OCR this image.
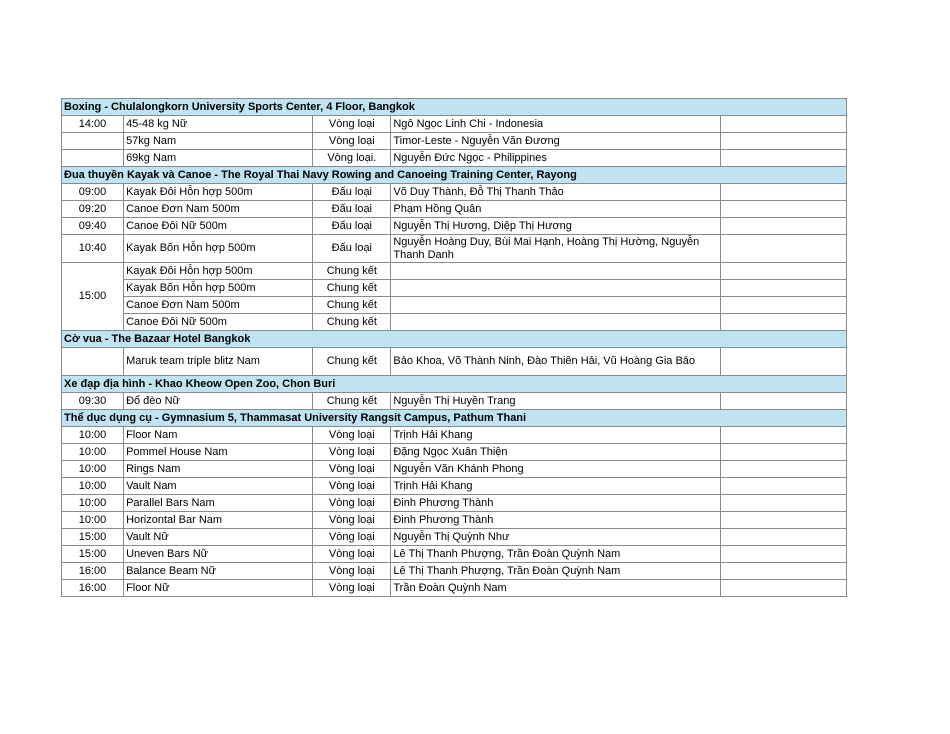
Boxing - Chulalongkorn University Sports Center, 4 Floor, Bangkok				
14:00	45-48 kg Nữ	Vòng loại	Ngô Ngọc Linh Chi - Indonesia	
	57kg Nam	Vòng loại	Timor-Leste - Nguyễn Văn Đương	
	69kg Nam	Vòng loại.	Nguyễn Đức Ngọc - Philippines	
Đua thuyền Kayak và Canoe - The Royal Thai Navy Rowing and Canoeing Training Center, Rayong				
09:00	Kayak Đôi Hỗn hợp 500m	Đấu loại	Võ Duy Thành, Đỗ Thị Thanh Thảo	
09:20	Canoe Đơn Nam 500m	Đấu loại	Phạm Hồng Quân	
09:40	Canoe Đôi Nữ 500m	Đấu loại	Nguyễn Thị Hương, Diệp Thị Hương	
10:40	Kayak Bốn Hỗn hợp 500m	Đấu loại	Nguyễn Hoàng Duy, Bùi Mai Hạnh, Hoàng Thị Hường, Nguyễn Thanh Danh	
15:00	Kayak Đôi Hỗn hợp 500m	Chung kết		
	Kayak Bốn Hỗn hợp 500m	Chung kết		
	Canoe Đơn Nam 500m	Chung kết		
	Canoe Đôi Nữ 500m	Chung kết		
Cờ vua - The Bazaar Hotel Bangkok				
	Maruk team triple blitz Nam	Chung kết	Bảo Khoa, Võ Thành Ninh, Đào Thiên Hải, Vũ Hoàng Gia Bảo	
Xe đạp địa hình - Khao Kheow Open Zoo, Chon Buri				
09:30	Đổ đèo Nữ	Chung kết	Nguyễn Thị Huyền Trang	
Thể dục dụng cụ - Gymnasium 5, Thammasat University Rangsit Campus, Pathum Thani				
10:00	Floor Nam	Vòng loại	Trịnh Hải Khang	
10:00	Pommel House Nam	Vòng loại	Đặng Ngọc Xuân Thiện	
10:00	Rings Nam	Vòng loại	Nguyễn Văn Khánh Phong	
10:00	Vault Nam	Vòng loại	Trịnh Hải Khang	
10:00	Parallel Bars Nam	Vòng loại	Đinh Phương Thành	
10:00	Horizontal Bar Nam	Vòng loại	Đinh Phương Thành	
15:00	Vault Nữ	Vòng loại	Nguyễn Thị Quỳnh Như	
15:00	Uneven Bars Nữ	Vòng loại	Lê Thị Thanh Phượng, Trần Đoàn Quỳnh Nam	
16:00	Balance Beam Nữ	Vòng loại	Lê Thị Thanh Phượng, Trần Đoàn Quỳnh Nam	
16:00	Floor Nữ	Vòng loại	Trần Đoàn Quỳnh Nam	
